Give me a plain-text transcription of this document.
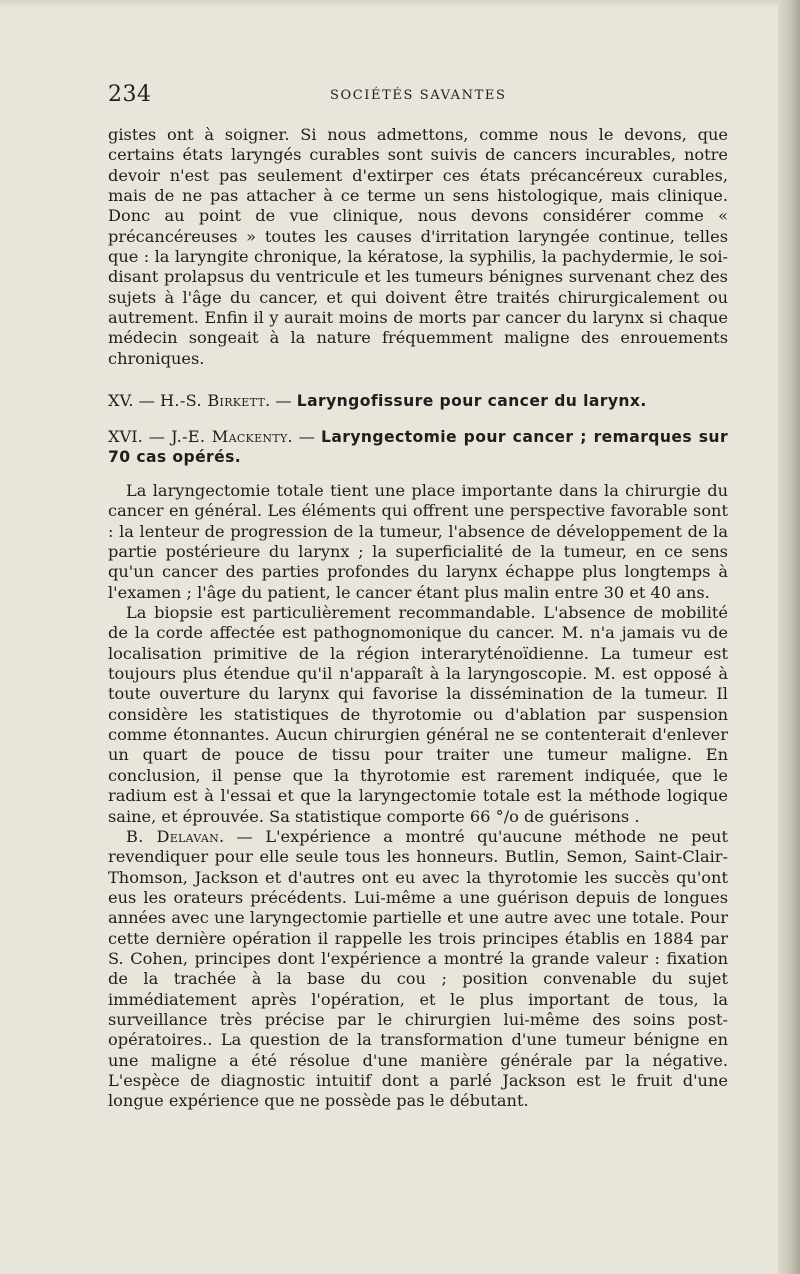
234	SOCIÉTÉS SAVANTES

gistes ont à soigner. Si nous admettons, comme nous le devons, que certains états laryngés curables sont suivis de cancers incurables, notre devoir n'est pas seulement d'extirper ces états précancéreux curables, mais de ne pas attacher à ce terme un sens histologique, mais clinique. Donc au point de vue clinique, nous devons considérer comme « précancéreuses » toutes les causes d'irritation laryngée continue, telles que : la laryngite chronique, la kératose, la syphilis, la pachydermie, le soi-disant prolapsus du ventricule et les tumeurs bénignes survenant chez des sujets à l'âge du cancer, et qui doivent être traités chirurgicalement ou autrement. Enfin il y aurait moins de morts par cancer du larynx si chaque médecin songeait à la nature fréquemment maligne des enrouements chroniques.

XV. — H.-S. Birkett. — Laryngofissure pour cancer du larynx.
XVI. — J.-E. Mackenty. — Laryngectomie pour cancer ; remarques sur 70 cas opérés.

La laryngectomie totale tient une place importante dans la chirurgie du cancer en général. Les éléments qui offrent une perspective favorable sont : la lenteur de progression de la tumeur, l'absence de développement de la partie postérieure du larynx ; la superficialité de la tumeur, en ce sens qu'un cancer des parties profondes du larynx échappe plus longtemps à l'examen ; l'âge du patient, le cancer étant plus malin entre 30 et 40 ans.

La biopsie est particulièrement recommandable. L'absence de mobilité de la corde affectée est pathognomonique du cancer. M. n'a jamais vu de localisation primitive de la région interaryténoïdienne. La tumeur est toujours plus étendue qu'il n'apparaît à la laryngoscopie. M. est opposé à toute ouverture du larynx qui favorise la dissémination de la tumeur. Il considère les statistiques de thyrotomie ou d'ablation par suspension comme étonnantes. Aucun chirurgien général ne se contenterait d'enlever un quart de pouce de tissu pour traiter une tumeur maligne. En conclusion, il pense que la thyrotomie est rarement indiquée, que le radium est à l'essai et que la laryngectomie totale est la méthode logique saine, et éprouvée. Sa statistique comporte 66 °/o de guérisons .

B. Delavan. — L'expérience a montré qu'aucune méthode ne peut revendiquer pour elle seule tous les honneurs. Butlin, Semon, Saint-Clair-Thomson, Jackson et d'autres ont eu avec la thyrotomie les succès qu'ont eus les orateurs précédents. Lui-même a une guérison depuis de longues années avec une laryngectomie partielle et une autre avec une totale. Pour cette dernière opération il rappelle les trois principes établis en 1884 par S. Cohen, principes dont l'expérience a montré la grande valeur : fixation de la trachée à la base du cou ; position convenable du sujet immédiatement après l'opération, et le plus important de tous, la surveillance très précise par le chirurgien lui-même des soins post-opératoires.. La question de la transformation d'une tumeur bénigne en une maligne a été résolue d'une manière générale par la négative. L'espèce de diagnostic intuitif dont a parlé Jackson est le fruit d'une longue expérience que ne possède pas le débutant.
